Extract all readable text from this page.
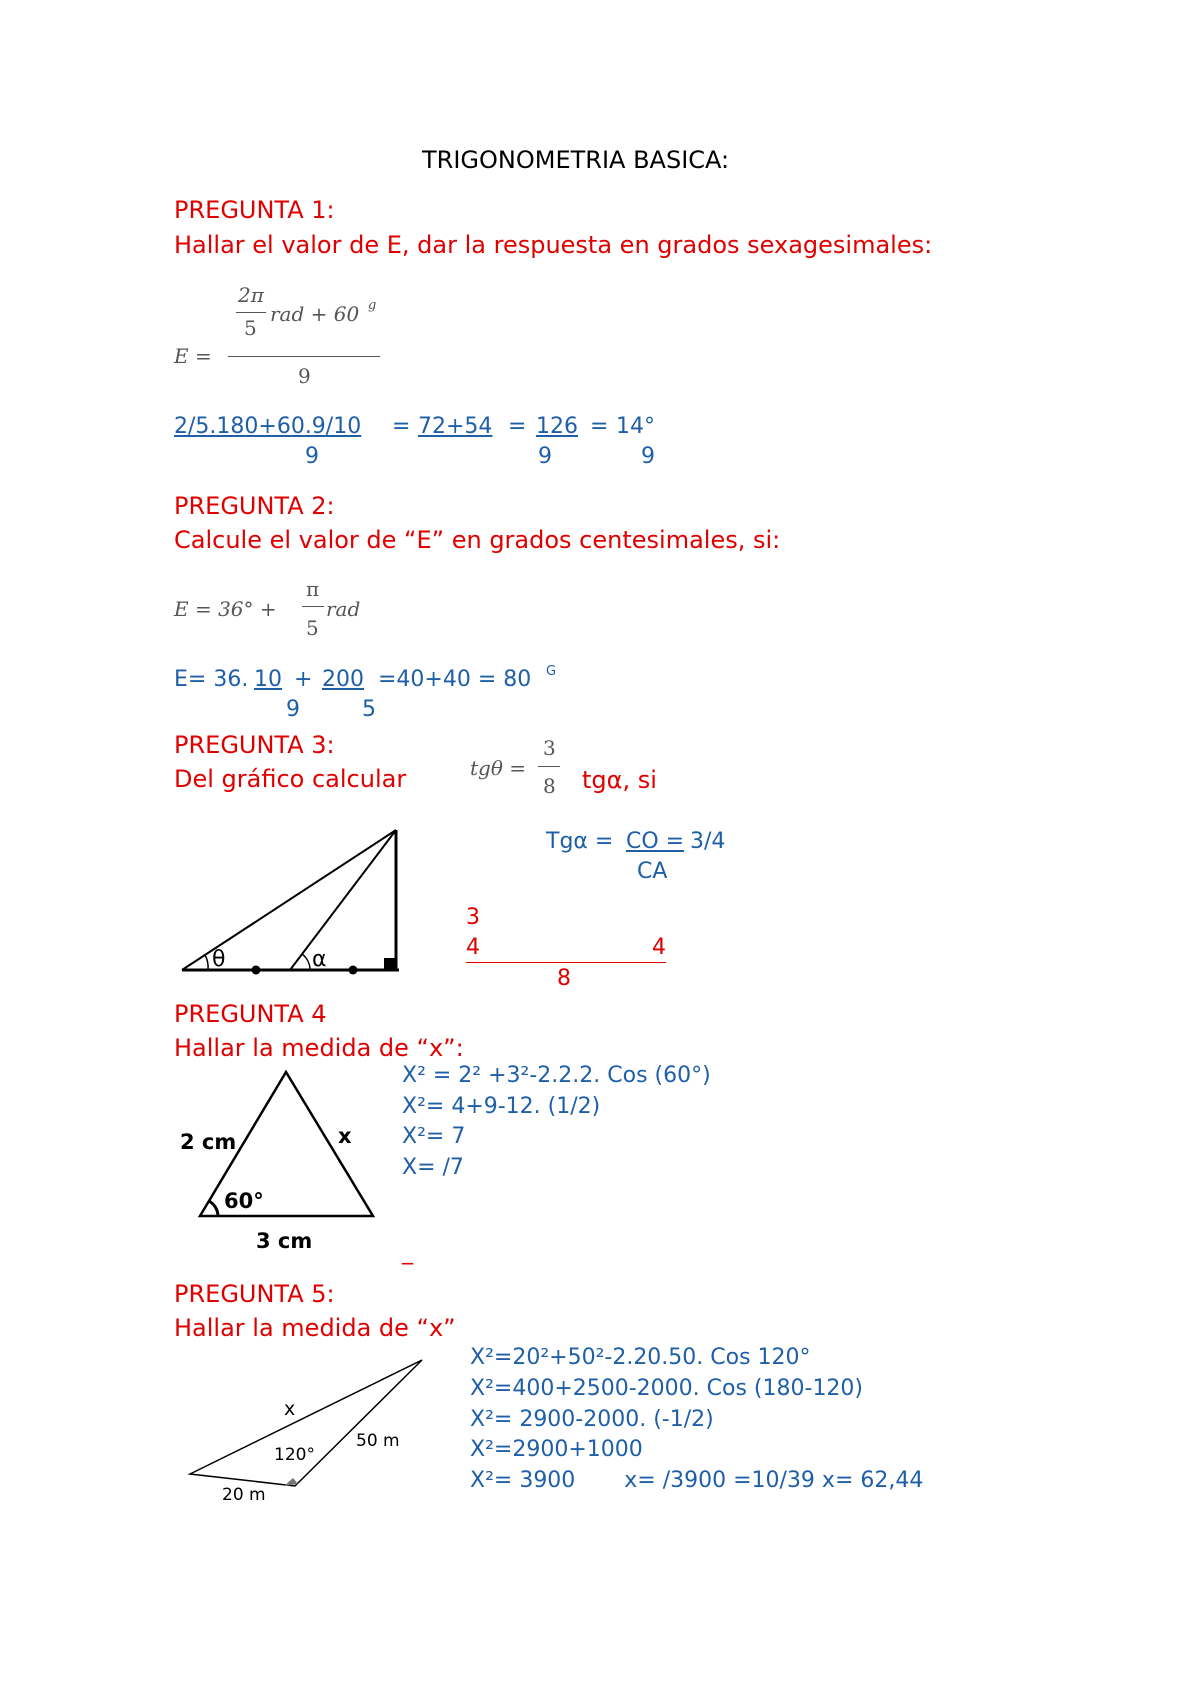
TRIGONOMETRIA BASICA:
PREGUNTA 1:
Hallar el valor de E, dar la respuesta en grados sexagesimales:
2π
5
rad + 60 g
E =
9
2/5.180+60.9/10 = 72+54 = 126 = 14°
9	9	9
PREGUNTA 2:
Calcule el valor de “E” en grados centesimales, si:
E = 36° +
π
5
rad
E= 36. 10 + 200 =40+40 = 80 G
9	5
PREGUNTA 3:
Del gráfico calcular	tgθ =
3
8 tgα, si
θ	α
Tgα = CO = 3/4
CA
3
4	4
8
PREGUNTA 4
Hallar la medida de “x”:
2 cm	x
60°
3 cm
X² = 2² +3²-2.2.2. Cos (60°)
X²= 4+9-12. (1/2)
X²= 7
X= /7
_
PREGUNTA 5:
Hallar la medida de “x”
x
120°
50 m
20 m
X²=20²+50²-2.20.50. Cos 120°
X²=400+2500-2000. Cos (180-120)
X²= 2900-2000. (-1/2)
X²=2900+1000
X²= 3900       x= /3900 =10/39 x= 62,44
